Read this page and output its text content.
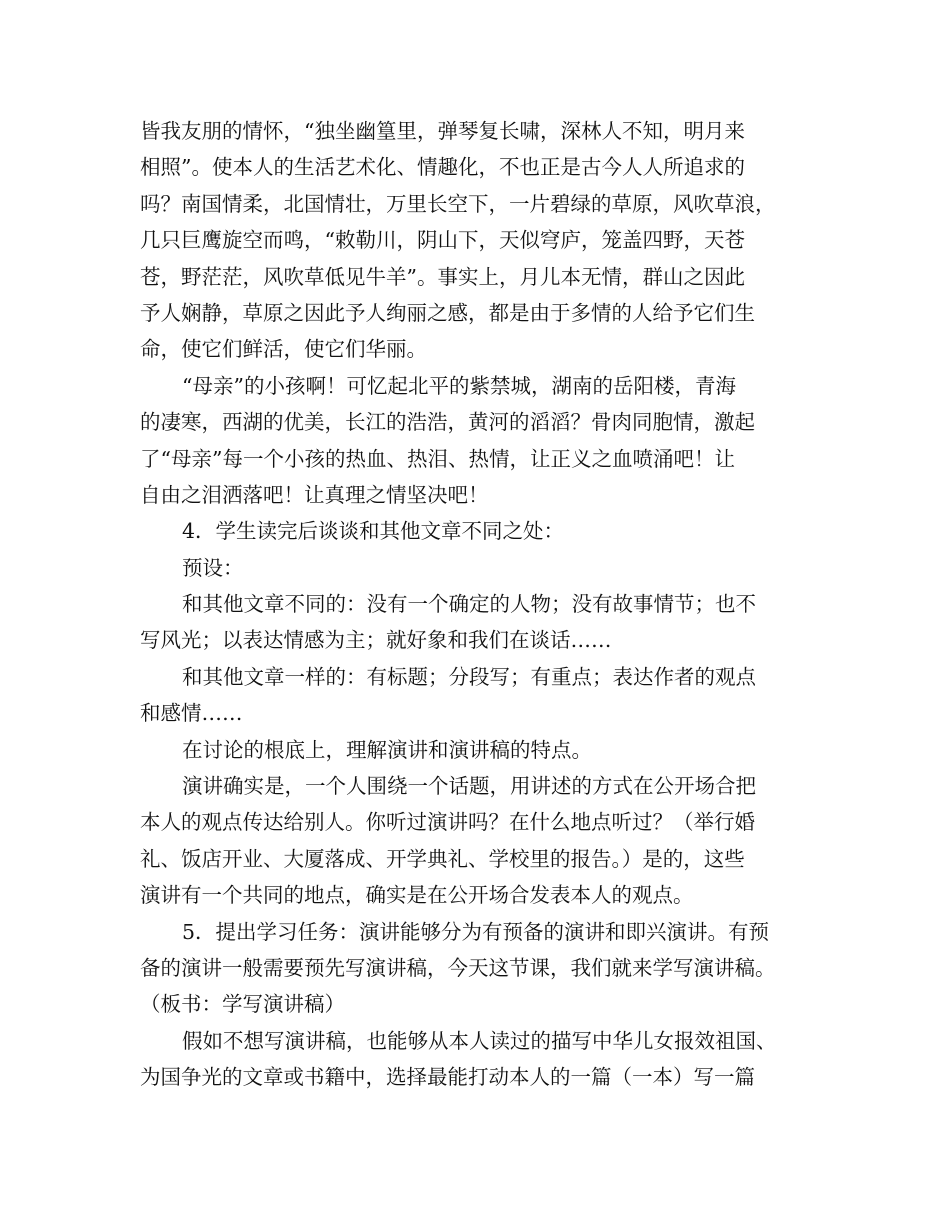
皆我友朋的情怀，“独坐幽篁里，弹琴复长啸，深林人不知，明月来
相照”。使本人的生活艺术化、情趣化，不也正是古今人人所追求的
吗？南国情柔，北国情壮，万里长空下，一片碧绿的草原，风吹草浪，
几只巨鹰旋空而鸣，“敕勒川，阴山下，天似穹庐，笼盖四野，天苍
苍，野茫茫，风吹草低见牛羊”。事实上，月儿本无情，群山之因此
予人娴静，草原之因此予人绚丽之感，都是由于多情的人给予它们生
命，使它们鲜活，使它们华丽。
“母亲”的小孩啊！可忆起北平的紫禁城，湖南的岳阳楼，青海
的凄寒，西湖的优美，长江的浩浩，黄河的滔滔？骨肉同胞情，激起
了“母亲”每一个小孩的热血、热泪、热情，让正义之血喷涌吧！让
自由之泪洒落吧！让真理之情坚决吧！
4．学生读完后谈谈和其他文章不同之处：
预设：
和其他文章不同的：没有一个确定的人物；没有故事情节；也不
写风光；以表达情感为主；就好象和我们在谈话……
和其他文章一样的：有标题；分段写；有重点；表达作者的观点
和感情……
在讨论的根底上，理解演讲和演讲稿的特点。
演讲确实是，一个人围绕一个话题，用讲述的方式在公开场合把
本人的观点传达给别人。你听过演讲吗？在什么地点听过？（举行婚
礼、饭店开业、大厦落成、开学典礼、学校里的报告。）是的，这些
演讲有一个共同的地点，确实是在公开场合发表本人的观点。
5．提出学习任务：演讲能够分为有预备的演讲和即兴演讲。有预
备的演讲一般需要预先写演讲稿，今天这节课，我们就来学写演讲稿。
（板书：学写演讲稿）
假如不想写演讲稿，也能够从本人读过的描写中华儿女报效祖国、
为国争光的文章或书籍中，选择最能打动本人的一篇（一本）写一篇
